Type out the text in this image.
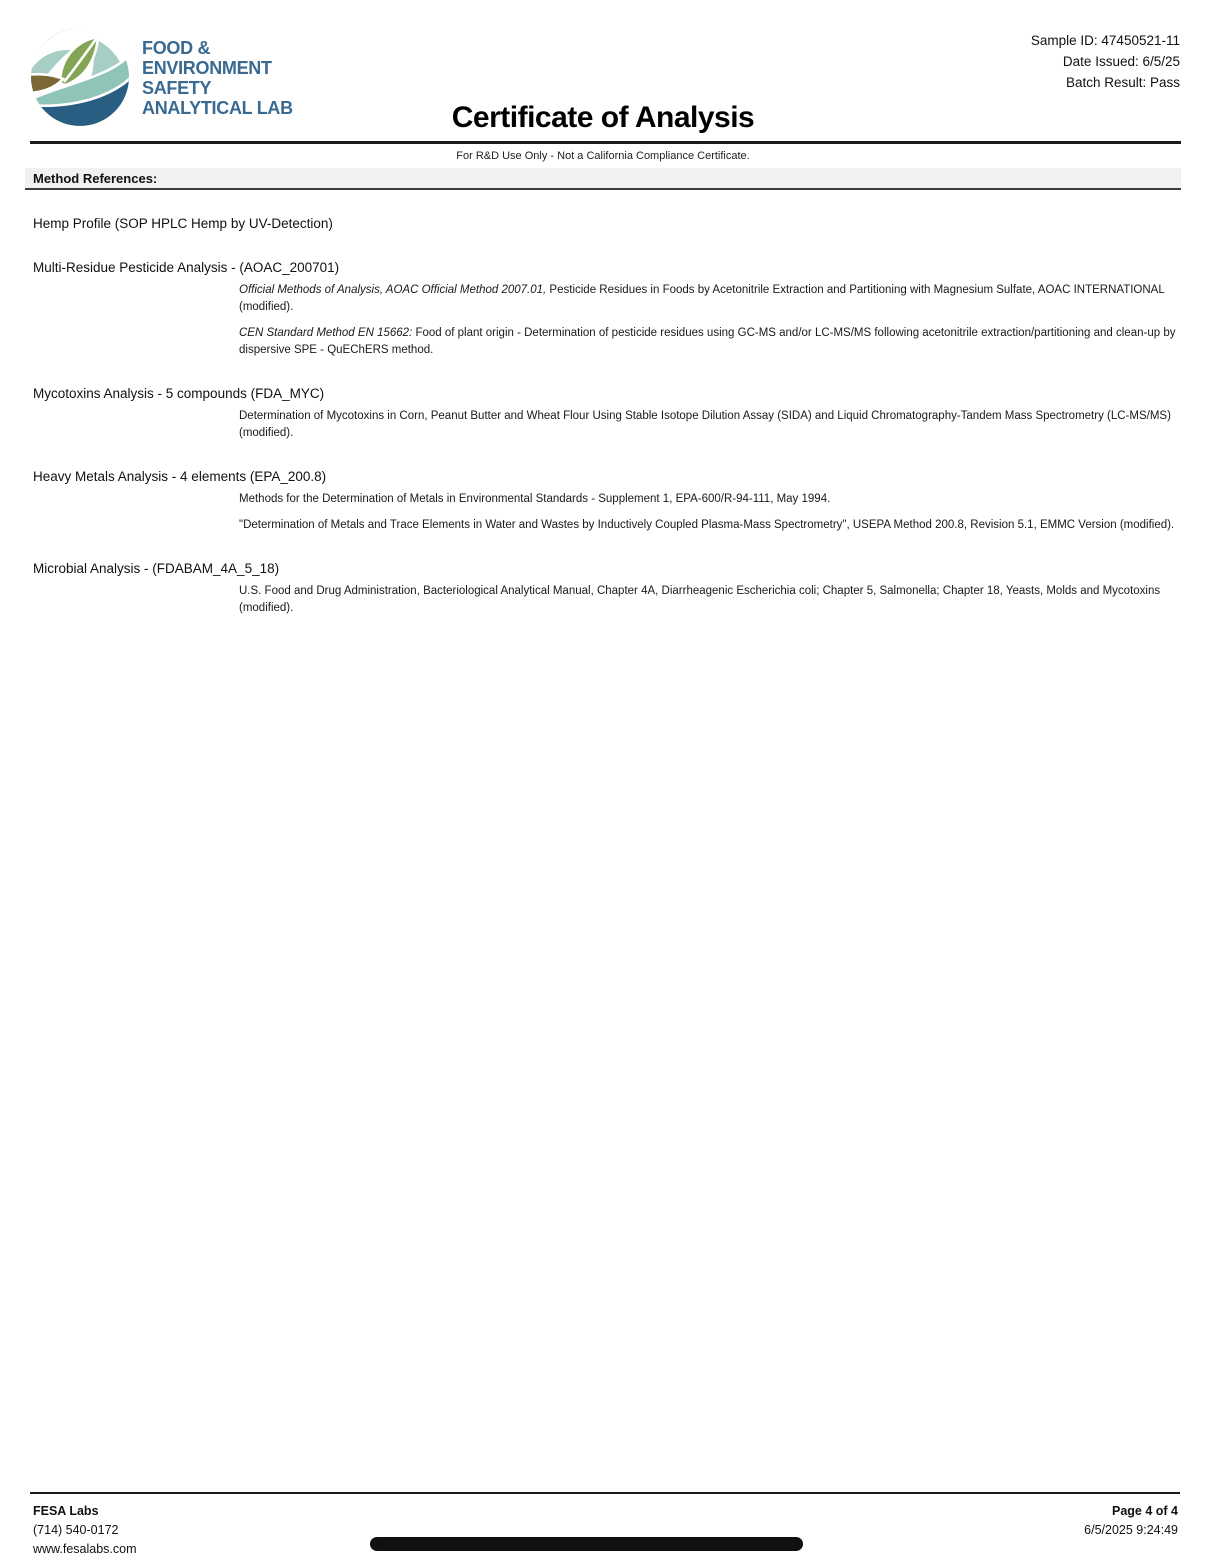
FOOD &
ENVIRONMENT
SAFETY
ANALYTICAL LAB
Sample ID: 47450521-11
Date Issued: 6/5/25
Batch Result: Pass
Certificate of Analysis
For R&D Use Only - Not a California Compliance Certificate.
Method References:
Hemp Profile (SOP HPLC Hemp by UV-Detection)
Multi-Residue Pesticide Analysis - (AOAC_200701)

Official Methods of Analysis, AOAC Official Method 2007.01, Pesticide Residues in Foods by Acetonitrile Extraction and Partitioning with Magnesium Sulfate, AOAC INTERNATIONAL (modified).

CEN Standard Method EN 15662: Food of plant origin - Determination of pesticide residues using GC-MS and/or LC-MS/MS following acetonitrile extraction/partitioning and clean-up by dispersive SPE - QuEChERS method.

Mycotoxins Analysis - 5 compounds (FDA_MYC)

Determination of Mycotoxins in Corn, Peanut Butter and Wheat Flour Using Stable Isotope Dilution Assay (SIDA) and Liquid Chromatography-Tandem Mass Spectrometry (LC-MS/MS) (modified).

Heavy Metals Analysis - 4 elements (EPA_200.8)

Methods for the Determination of Metals in Environmental Standards - Supplement 1, EPA-600/R-94-111, May 1994.

"Determination of Metals and Trace Elements in Water and Wastes by Inductively Coupled Plasma-Mass Spectrometry", USEPA Method 200.8, Revision 5.1, EMMC Version (modified).

Microbial Analysis - (FDABAM_4A_5_18)

U.S. Food and Drug Administration, Bacteriological Analytical Manual, Chapter 4A, Diarrheagenic Escherichia coli; Chapter 5, Salmonella; Chapter 18, Yeasts, Molds and Mycotoxins (modified).

FESA Labs
(714) 540-0172
www.fesalabs.com
Page 4 of 4
6/5/2025 9:24:49
